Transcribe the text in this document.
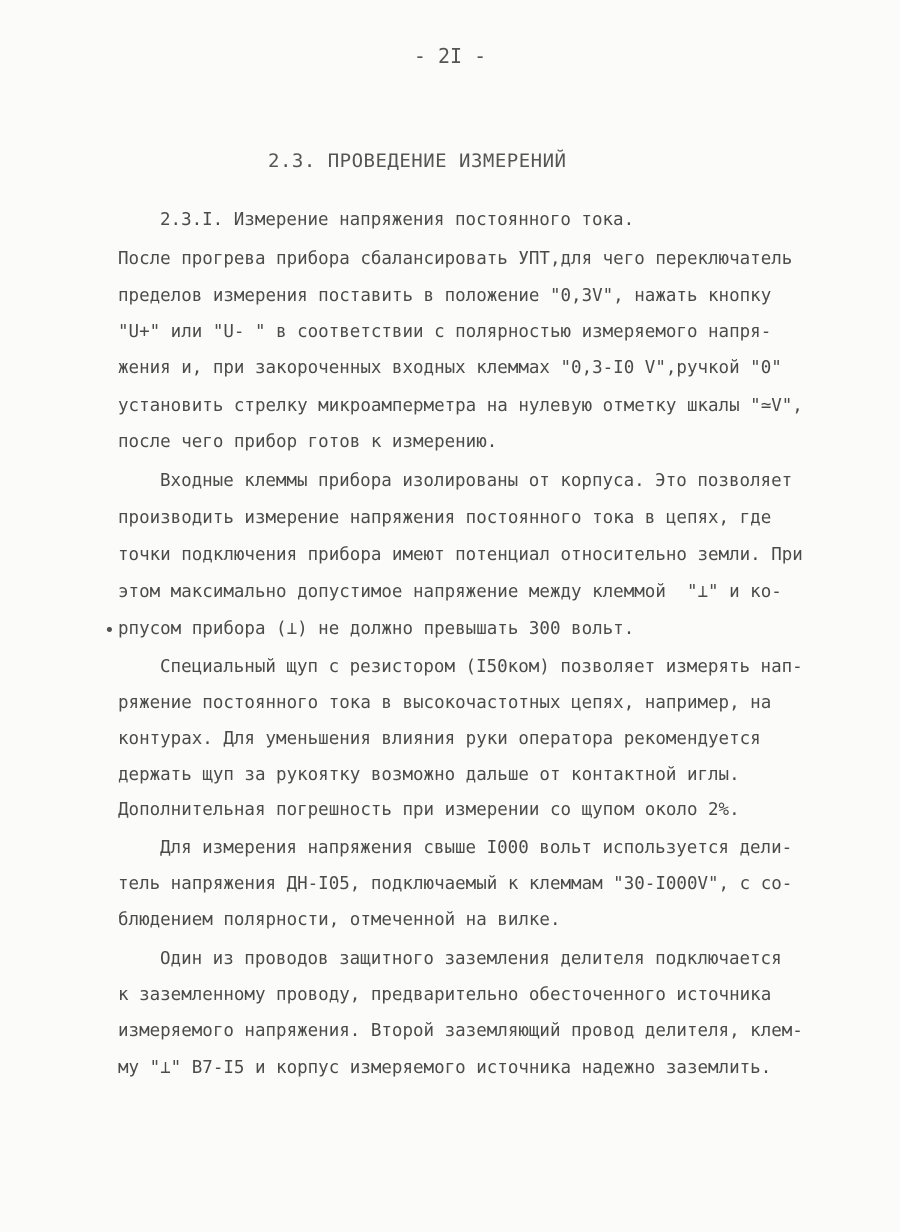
- 2I -
2.3. ПРОВЕДЕНИЕ ИЗМЕРЕНИЙ
2.3.I. Измерение напряжения постоянного тока.
После прогрева прибора сбалансировать УПТ,для чего переключатель
пределов измерения поставить в положение "0,3V", нажать кнопку
"U+" или "U- " в соответствии с полярностью измеряемого напря-
жения и, при закороченных входных клеммах "0,3-I0 V",ручкой "0"
установить стрелку микроамперметра на нулевую отметку шкалы "≃V",
после чего прибор готов к измерению.
Входные клеммы прибора изолированы от корпуса. Это позволяет
производить измерение напряжения постоянного тока в цепях, где
точки подключения прибора имеют потенциал относительно земли. При
этом максимально допустимое напряжение между клеммой  "⊥" и ко-
• рпусом прибора (⊥) не должно превышать 300 вольт.
Специальный щуп с резистором (I50ком) позволяет измерять нап-
ряжение постоянного тока в высокочастотных цепях, например, на
контурах. Для уменьшения влияния руки оператора рекомендуется
держать щуп за рукоятку возможно дальше от контактной иглы.
Дополнительная погрешность при измерении со щупом около 2%.
Для измерения напряжения свыше I000 вольт используется дели-
тель напряжения ДН-I05, подключаемый к клеммам "30-I000V", с со-
блюдением полярности, отмеченной на вилке.
Один из проводов защитного заземления делителя подключается
к заземленному проводу, предварительно обесточенного источника
измеряемого напряжения. Второй заземляющий провод делителя, клем-
му "⊥" В7-I5 и корпус измеряемого источника надежно заземлить.
